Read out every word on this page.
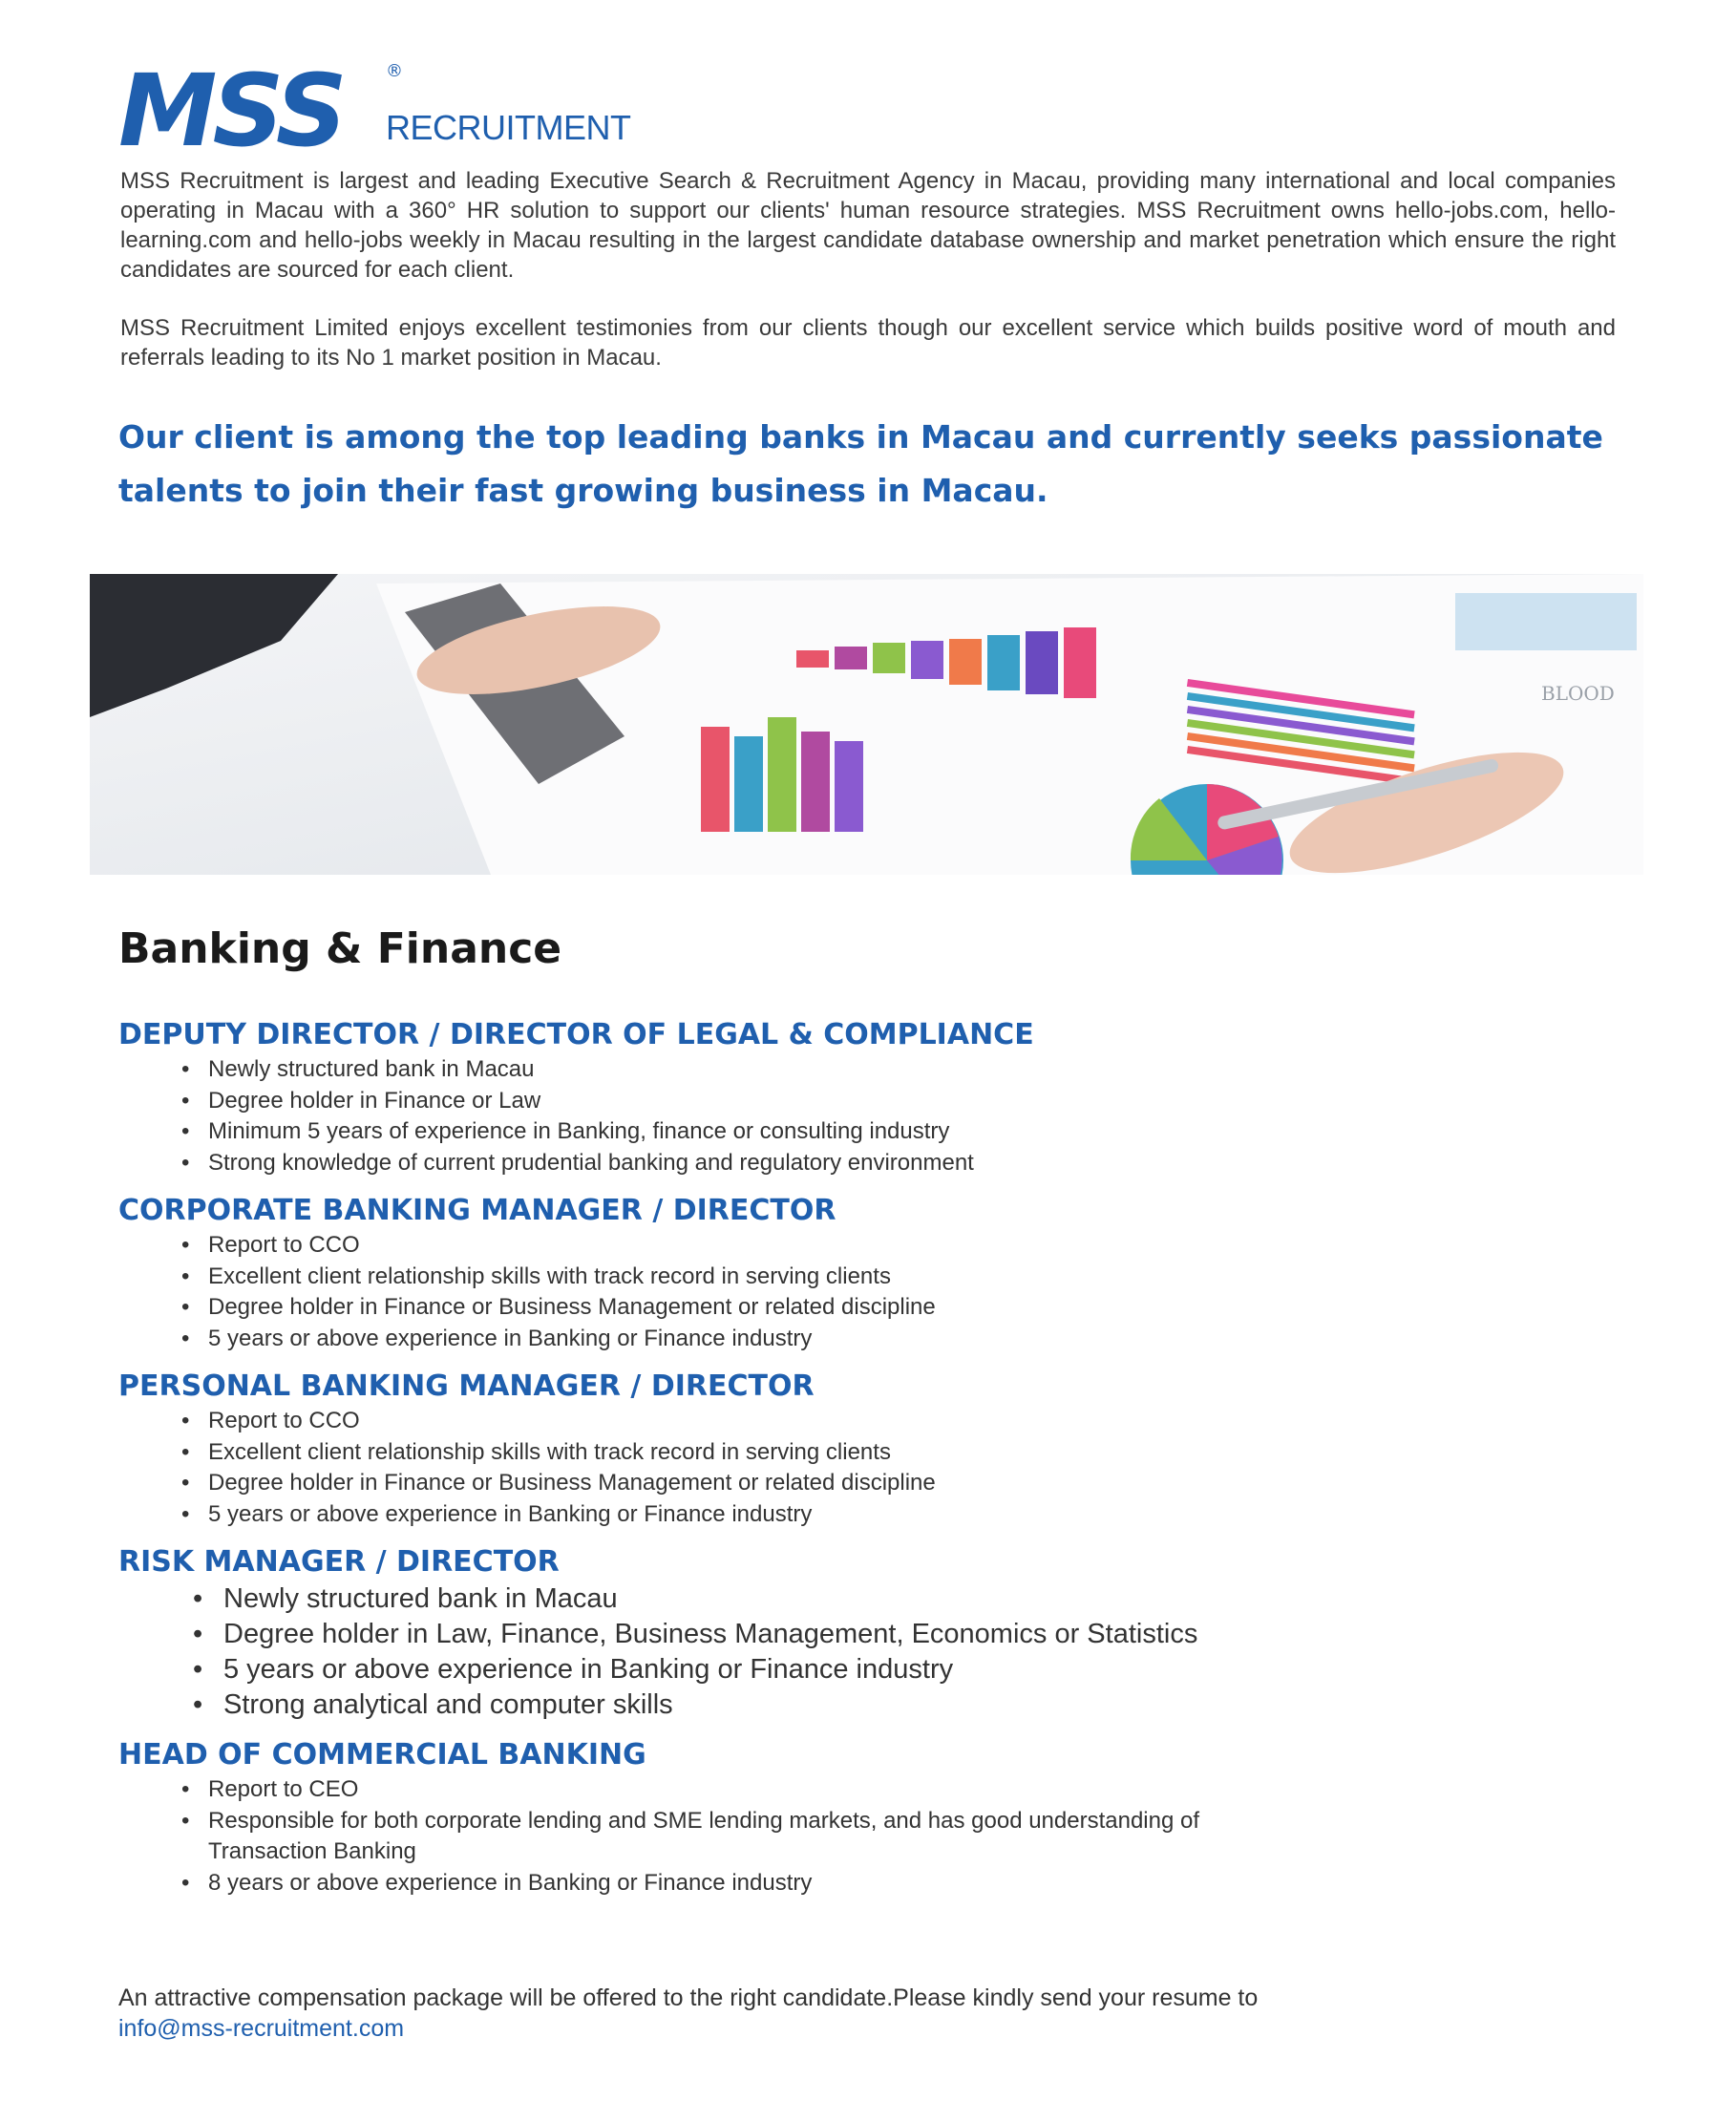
MSS	®
RECRUITMENT

MSS Recruitment is largest and leading Executive Search & Recruitment Agency in Macau, providing many international and local companies operating in Macau with a 360° HR solution to support our clients' human resource strategies. MSS Recruitment owns hello-jobs.com, hello-learning.com and hello-jobs weekly in Macau resulting in the largest candidate database ownership and market penetration which ensure the right candidates are sourced for each client.

MSS Recruitment Limited enjoys excellent testimonies from our clients though our excellent service which builds positive word of mouth and referrals leading to its No 1 market position in Macau.

Our client is among the top leading banks in Macau and currently seeks passionate talents to join their fast growing business in Macau.

BLOOD
Banking & Finance
DEPUTY DIRECTOR / DIRECTOR OF LEGAL & COMPLIANCE
• Newly structured bank in Macau
• Degree holder in Finance or Law
• Minimum 5 years of experience in Banking, finance or consulting industry
• Strong knowledge of current prudential banking and regulatory environment
CORPORATE BANKING MANAGER / DIRECTOR
• Report to CCO
• Excellent client relationship skills with track record in serving clients
• Degree holder in Finance or Business Management or related discipline
• 5 years or above experience in Banking or Finance industry
PERSONAL BANKING MANAGER / DIRECTOR
• Report to CCO
• Excellent client relationship skills with track record in serving clients
• Degree holder in Finance or Business Management or related discipline
• 5 years or above experience in Banking or Finance industry
RISK MANAGER / DIRECTOR
• Newly structured bank in Macau
• Degree holder in Law, Finance, Business Management, Economics or Statistics
• 5 years or above experience in Banking or Finance industry
• Strong analytical and computer skills
HEAD OF COMMERCIAL BANKING
• Report to CEO
• Responsible for both corporate lending and SME lending markets, and has good understanding of Transaction Banking
• 8 years or above experience in Banking or Finance industry

An attractive compensation package will be offered to the right candidate.Please kindly send your resume to
info@mss-recruitment.com
